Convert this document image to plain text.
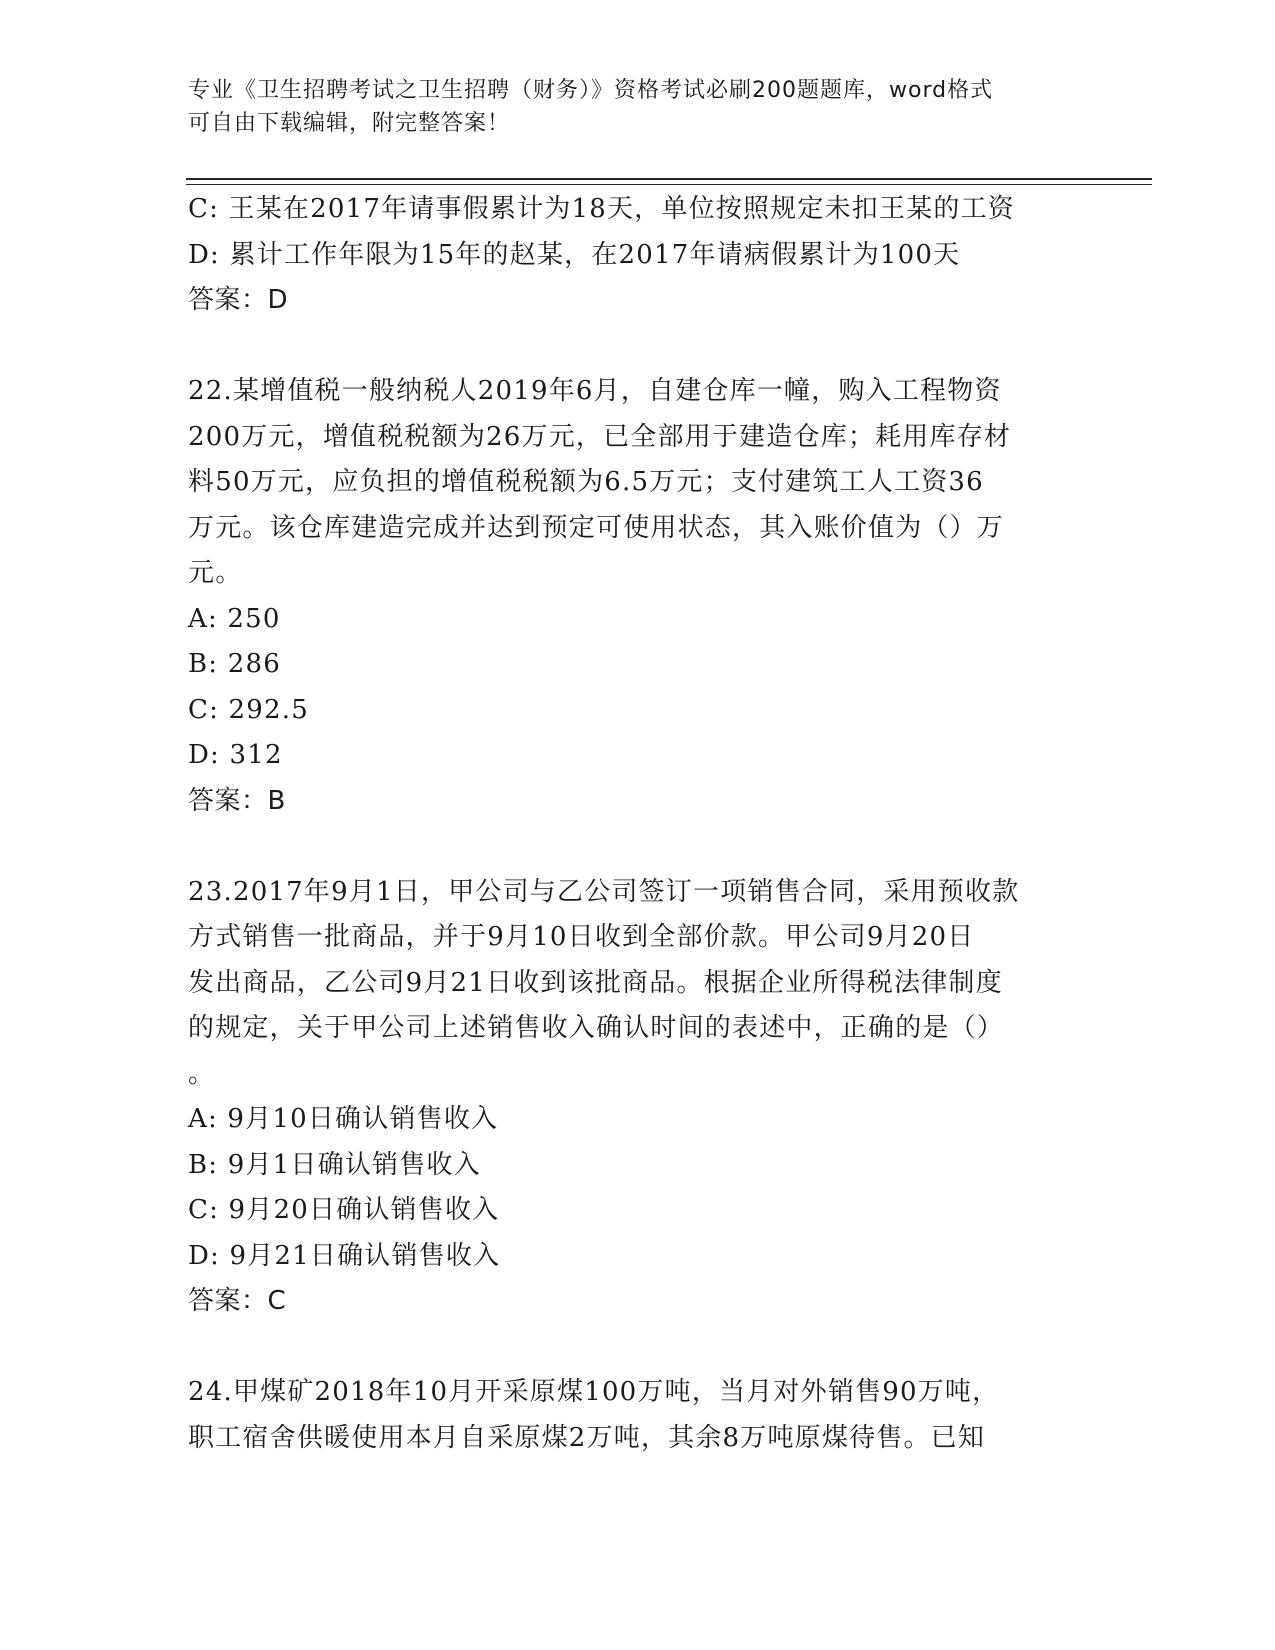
专业《卫生招聘考试之卫生招聘（财务）》资格考试必刷200题题库，word格式
可自由下载编辑，附完整答案！
C: 王某在2017年请事假累计为18天，单位按照规定未扣王某的工资
D: 累计工作年限为15年的赵某，在2017年请病假累计为100天
答案：D
22.某增值税一般纳税人2019年6月，自建仓库一幢，购入工程物资
200万元，增值税税额为26万元，已全部用于建造仓库；耗用库存材
料50万元，应负担的增值税税额为6.5万元；支付建筑工人工资36
万元。该仓库建造完成并达到预定可使用状态，其入账价值为（）万
元。
A: 250
B: 286
C: 292.5
D: 312
答案：B
23.2017年9月1日，甲公司与乙公司签订一项销售合同，采用预收款
方式销售一批商品，并于9月10日收到全部价款。甲公司9月20日
发出商品，乙公司9月21日收到该批商品。根据企业所得税法律制度
的规定，关于甲公司上述销售收入确认时间的表述中，正确的是（）
。
A: 9月10日确认销售收入
B: 9月1日确认销售收入
C: 9月20日确认销售收入
D: 9月21日确认销售收入
答案：C
24.甲煤矿2018年10月开采原煤100万吨，当月对外销售90万吨，
职工宿舍供暖使用本月自采原煤2万吨，其余8万吨原煤待售。已知
